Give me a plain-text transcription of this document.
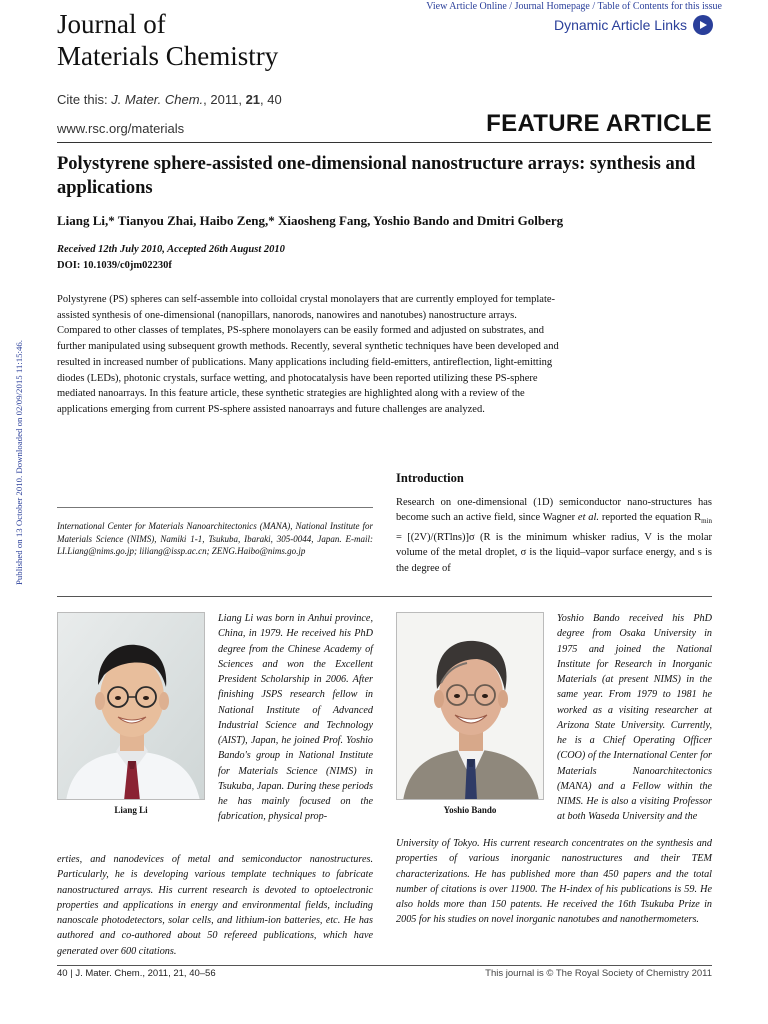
View Article Online / Journal Homepage / Table of Contents for this issue
Dynamic Article Links
Journal of
Materials Chemistry
Cite this: J. Mater. Chem., 2011, 21, 40
www.rsc.org/materials	FEATURE ARTICLE
Published on 13 October 2010. Downloaded on 02/09/2015 11:15:46.
Polystyrene sphere-assisted one-dimensional nanostructure arrays: synthesis and applications
Liang Li,* Tianyou Zhai, Haibo Zeng,* Xiaosheng Fang, Yoshio Bando and Dmitri Golberg
Received 12th July 2010, Accepted 26th August 2010
DOI: 10.1039/c0jm02230f
Polystyrene (PS) spheres can self-assemble into colloidal crystal monolayers that are currently employed for template-assisted synthesis of one-dimensional (nanopillars, nanorods, nanowires and nanotubes) nanostructure arrays. Compared to other classes of templates, PS-sphere monolayers can be easily formed and adjusted on substrates, and further manipulated using subsequent growth methods. Recently, several synthetic techniques have been developed and resulted in increased number of publications. Many applications including field-emitters, antireflection, light-emitting diodes (LEDs), photonic crystals, surface wetting, and photocatalysis have been reported utilizing these PS-sphere mediated nanoarrays. In this feature article, these synthetic strategies are highlighted along with a review of the applications emerging from current PS-sphere assisted nanoarrays and future challenges are analyzed.
Introduction
Research on one-dimensional (1D) semiconductor nano-structures has become such an active field, since Wagner et al. reported the equation $R_{min} = [(2V)/(RTlns)]\sigma$ (R is the minimum whisker radius, V is the molar volume of the metal droplet, σ is the liquid–vapor surface energy, and s is the degree of
International Center for Materials Nanoarchitectonics (MANA), National Institute for Materials Science (NIMS), Namiki 1-1, Tsukuba, Ibaraki, 305-0044, Japan. E-mail: LI.Liang@nims.go.jp; liliang@issp.ac.cn; ZENG.Haibo@nims.go.jp
Liang Li
Liang Li was born in Anhui province, China, in 1979. He received his PhD degree from the Chinese Academy of Sciences and won the Excellent President Scholarship in 2006. After finishing JSPS research fellow in National Institute of Advanced Industrial Science and Technology (AIST), Japan, he joined Prof. Yoshio Bando's group in National Institute for Materials Science (NIMS) in Tsukuba, Japan. During these periods he has mainly focused on the fabrication, physical prop-
erties, and nanodevices of metal and semiconductor nanostructures. Particularly, he is developing various template techniques to fabricate nanostructured arrays. His current research is devoted to optoelectronic properties and applications in energy and environmental fields, including nanoscale photodetectors, solar cells, and lithium-ion batteries, etc. He has authored and co-authored about 50 refereed publications, which have generated over 600 citations.
Yoshio Bando
Yoshio Bando received his PhD degree from Osaka University in 1975 and joined the National Institute for Research in Inorganic Materials (at present NIMS) in the same year. From 1979 to 1981 he worked as a visiting researcher at Arizona State University. Currently, he is a Chief Operating Officer (COO) of the International Center for Materials Nanoarchitectonics (MANA) and a Fellow within the NIMS. He is also a visiting Professor at both Waseda University and the
University of Tokyo. His current research concentrates on the synthesis and properties of various inorganic nanostructures and their TEM characterizations. He has published more than 450 papers and the total number of citations is over 11900. The H-index of his publications is 59. He also holds more than 150 patents. He received the 16th Tsukuba Prize in 2005 for his studies on novel inorganic nanotubes and nanothermometers.
40 | J. Mater. Chem., 2011, 21, 40–56	This journal is © The Royal Society of Chemistry 2011
